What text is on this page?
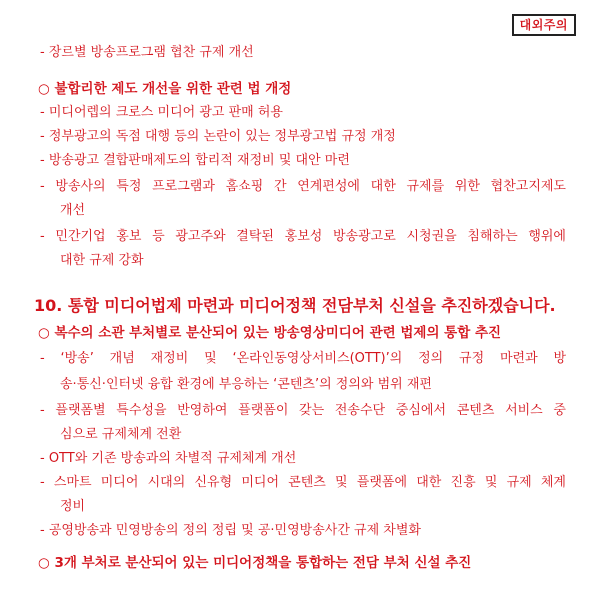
대외주의
- 장르별 방송프로그램 협찬 규제 개선
○ 불합리한 제도 개선을 위한 관련 법 개정
- 미디어렙의 크로스 미디어 광고 판매 허용
- 정부광고의 독점 대행 등의 논란이 있는 정부광고법 규정 개정
- 방송광고 결합판매제도의 합리적 재정비 및 대안 마련
- 방송사의 특정 프로그램과 홈쇼핑 간 연계편성에 대한 규제를 위한 협찬고지제도
개선
- 민간기업 홍보 등 광고주와 결탁된 홍보성 방송광고로 시청권을 침해하는 행위에
대한 규제 강화
10. 통합 미디어법제 마련과 미디어정책 전담부처 신설을 추진하겠습니다.
○ 복수의 소관 부처별로 분산되어 있는 방송영상미디어 관련 법제의 통합 추진
- ‘방송’ 개념 재정비 및 ‘온라인동영상서비스(OTT)’의 정의 규정 마련과 방
송·통신·인터넷 융합 환경에 부응하는 ‘콘텐츠’의 정의와 범위 재편
- 플랫폼별 특수성을 반영하여 플랫폼이 갖는 전송수단 중심에서 콘텐츠 서비스 중
심으로 규제체계 전환
- OTT와 기존 방송과의 차별적 규제체계 개선
- 스마트 미디어 시대의 신유형 미디어 콘텐츠 및 플랫폼에 대한 진흥 및 규제 체계
정비
- 공영방송과 민영방송의 정의 정립 및 공·민영방송사간 규제 차별화
○ 3개 부처로 분산되어 있는 미디어정책을 통합하는 전담 부처 신설 추진
